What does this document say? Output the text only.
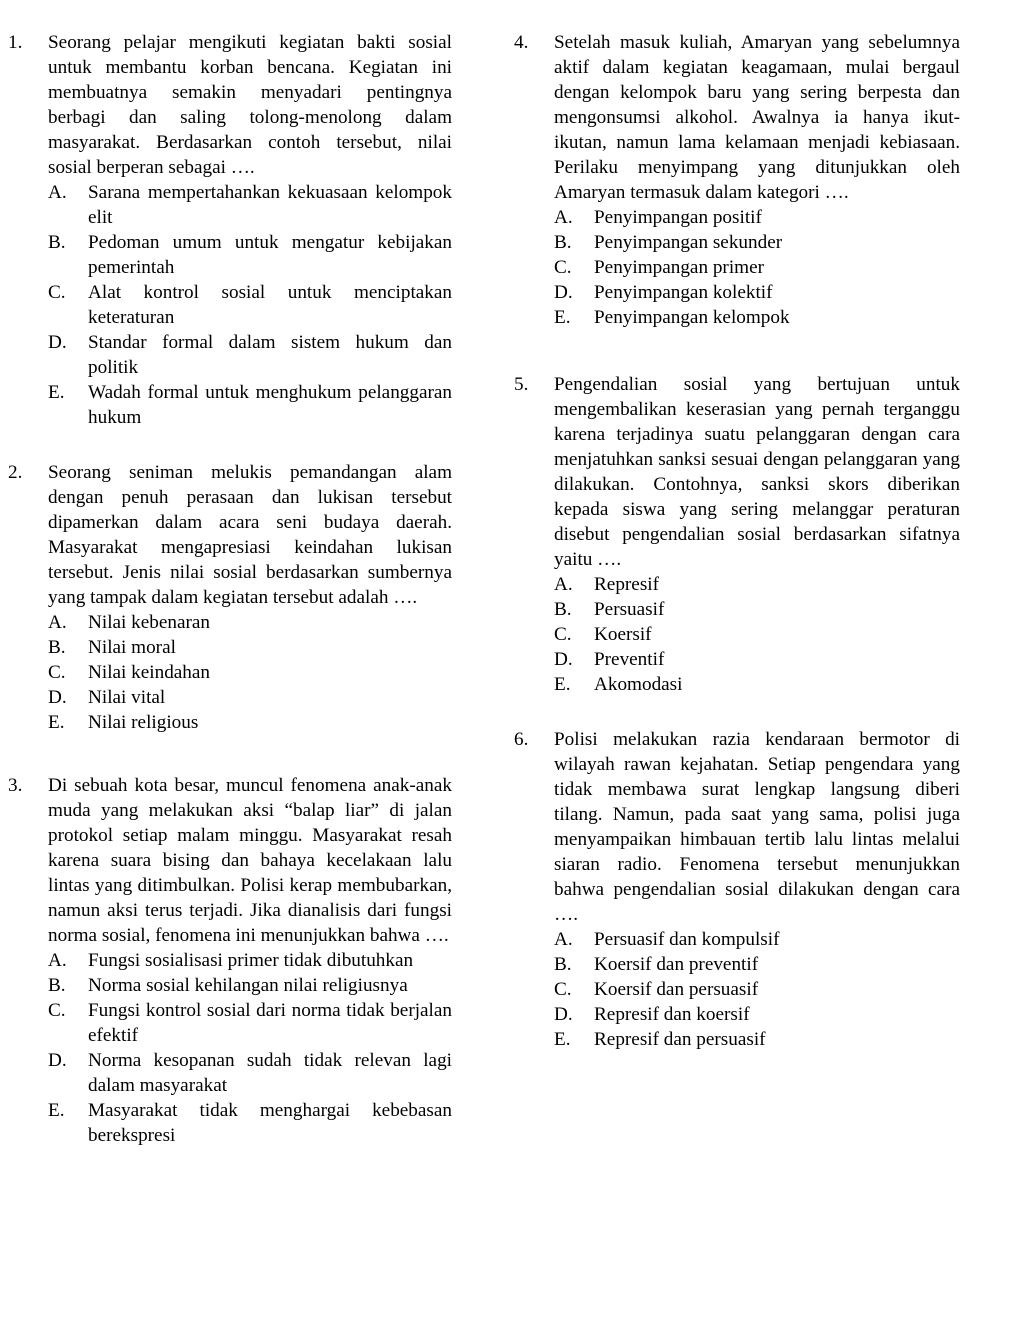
1. Seorang pelajar mengikuti kegiatan bakti sosial untuk membantu korban bencana. Kegiatan ini membuatnya semakin menyadari pentingnya berbagi dan saling tolong-menolong dalam masyarakat. Berdasarkan contoh tersebut, nilai sosial berperan sebagai ….
A. Sarana mempertahankan kekuasaan kelompok elit
B. Pedoman umum untuk mengatur kebijakan pemerintah
C. Alat kontrol sosial untuk menciptakan keteraturan
D. Standar formal dalam sistem hukum dan politik
E. Wadah formal untuk menghukum pelanggaran hukum
2. Seorang seniman melukis pemandangan alam dengan penuh perasaan dan lukisan tersebut dipamerkan dalam acara seni budaya daerah. Masyarakat mengapresiasi keindahan lukisan tersebut. Jenis nilai sosial berdasarkan sumbernya yang tampak dalam kegiatan tersebut adalah ….
A. Nilai kebenaran
B. Nilai moral
C. Nilai keindahan
D. Nilai vital
E. Nilai religious
3. Di sebuah kota besar, muncul fenomena anak-anak muda yang melakukan aksi “balap liar” di jalan protokol setiap malam minggu. Masyarakat resah karena suara bising dan bahaya kecelakaan lalu lintas yang ditimbulkan. Polisi kerap membubarkan, namun aksi terus terjadi. Jika dianalisis dari fungsi norma sosial, fenomena ini menunjukkan bahwa ….
A. Fungsi sosialisasi primer tidak dibutuhkan
B. Norma sosial kehilangan nilai religiusnya
C. Fungsi kontrol sosial dari norma tidak berjalan efektif
D. Norma kesopanan sudah tidak relevan lagi dalam masyarakat
E. Masyarakat tidak menghargai kebebasan berekspresi
4. Setelah masuk kuliah, Amaryan yang sebelumnya aktif dalam kegiatan keagamaan, mulai bergaul dengan kelompok baru yang sering berpesta dan mengonsumsi alkohol. Awalnya ia hanya ikut-ikutan, namun lama kelamaan menjadi kebiasaan. Perilaku menyimpang yang ditunjukkan oleh Amaryan termasuk dalam kategori ….
A. Penyimpangan positif
B. Penyimpangan sekunder
C. Penyimpangan primer
D. Penyimpangan kolektif
E. Penyimpangan kelompok
5. Pengendalian sosial yang bertujuan untuk mengembalikan keserasian yang pernah terganggu karena terjadinya suatu pelanggaran dengan cara menjatuhkan sanksi sesuai dengan pelanggaran yang dilakukan. Contohnya, sanksi skors diberikan kepada siswa yang sering melanggar peraturan disebut pengendalian sosial berdasarkan sifatnya yaitu ….
A. Represif
B. Persuasif
C. Koersif
D. Preventif
E. Akomodasi
6. Polisi melakukan razia kendaraan bermotor di wilayah rawan kejahatan. Setiap pengendara yang tidak membawa surat lengkap langsung diberi tilang. Namun, pada saat yang sama, polisi juga menyampaikan himbauan tertib lalu lintas melalui siaran radio. Fenomena tersebut menunjukkan bahwa pengendalian sosial dilakukan dengan cara ….
A. Persuasif dan kompulsif
B. Koersif dan preventif
C. Koersif dan persuasif
D. Represif dan koersif
E. Represif dan persuasif
